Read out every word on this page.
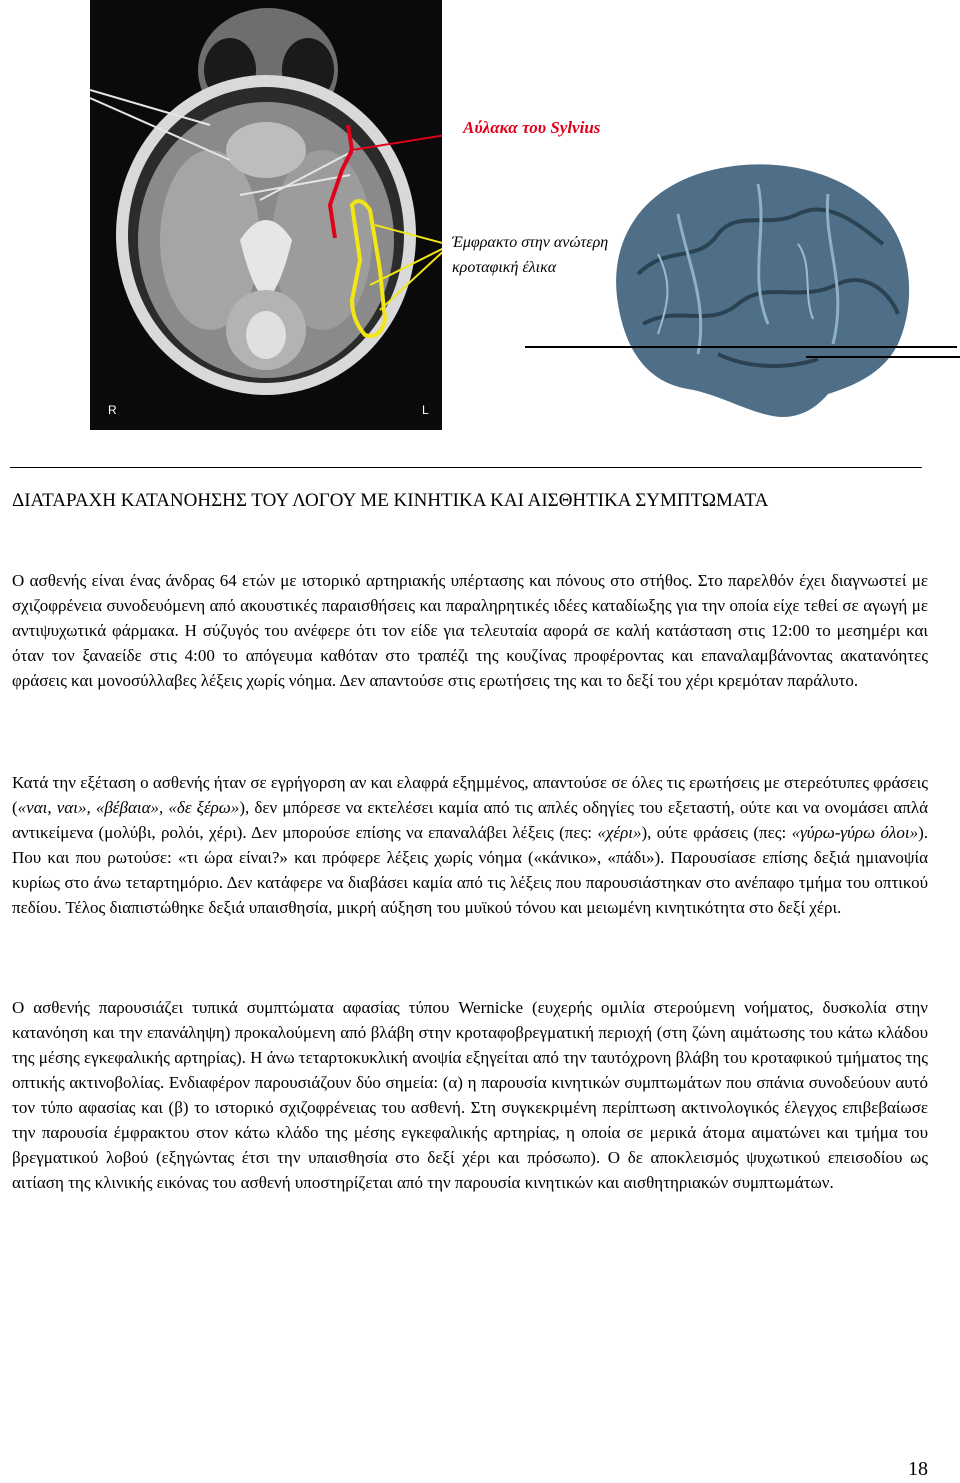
R	L
Αύλακα του Sylvius
Έμφρακτο στην ανώτερη
κροταφική έλικα
ΔΙΑΤΑΡΑΧΗ ΚΑΤΑΝΟΗΣΗΣ ΤΟΥ ΛΟΓΟΥ ΜΕ ΚΙΝΗΤΙΚΑ ΚΑΙ ΑΙΣΘΗΤΙΚΑ ΣΥΜΠΤΩΜΑΤΑ

Ο ασθενής είναι ένας άνδρας 64 ετών με ιστορικό αρτηριακής υπέρτασης και πόνους στο στήθος. Στο παρελθόν έχει διαγνωστεί με σχιζοφρένεια συνοδευόμενη από ακουστικές παραισθήσεις και παραληρητικές ιδέες καταδίωξης για την οποία είχε τεθεί σε αγωγή με αντιψυχωτικά φάρμακα. Η σύζυγός του ανέφερε ότι τον είδε για τελευταία αφορά σε καλή κατάσταση στις 12:00 το μεσημέρι και όταν τον ξαναείδε στις 4:00 το απόγευμα καθόταν στο τραπέζι της κουζίνας προφέροντας και επαναλαμβάνοντας ακατανόητες φράσεις και μονοσύλλαβες λέξεις χωρίς νόημα. Δεν απαντούσε στις ερωτήσεις της και το δεξί του χέρι κρεμόταν παράλυτο.

Κατά την εξέταση ο ασθενής ήταν σε εγρήγορση αν και ελαφρά εξημμένος, απαντούσε σε όλες τις ερωτήσεις με στερεότυπες φράσεις («ναι, ναι», «βέβαια», «δε ξέρω»), δεν μπόρεσε να εκτελέσει καμία από τις απλές οδηγίες του εξεταστή, ούτε και να ονομάσει απλά αντικείμενα (μολύβι, ρολόι, χέρι). Δεν μπορούσε επίσης να επαναλάβει λέξεις (πες: «χέρι»), ούτε φράσεις (πες: «γύρω-γύρω όλοι»). Που και που ρωτούσε: «τι ώρα είναι?» και πρόφερε λέξεις χωρίς νόημα («κάνικο», «πάδι»). Παρουσίασε επίσης δεξιά ημιανοψία κυρίως στο άνω τεταρτημόριο. Δεν κατάφερε να διαβάσει καμία από τις λέξεις που παρουσιάστηκαν στο ανέπαφο τμήμα του οπτικού πεδίου. Τέλος διαπιστώθηκε δεξιά υπαισθησία, μικρή αύξηση του μυϊκού τόνου και μειωμένη κινητικότητα στο δεξί χέρι.

Ο ασθενής παρουσιάζει τυπικά συμπτώματα αφασίας τύπου Wernicke (ευχερής ομιλία στερούμενη νοήματος, δυσκολία στην κατανόηση και την επανάληψη) προκαλούμενη από βλάβη στην κροταφοβρεγματική περιοχή (στη ζώνη αιμάτωσης του κάτω κλάδου της μέσης εγκεφαλικής αρτηρίας). Η άνω τεταρτοκυκλική ανοψία εξηγείται από την ταυτόχρονη βλάβη του κροταφικού τμήματος της οπτικής ακτινοβολίας. Ενδιαφέρον παρουσιάζουν δύο σημεία: (α) η παρουσία κινητικών συμπτωμάτων που σπάνια συνοδεύουν αυτό τον τύπο αφασίας και (β) το ιστορικό σχιζοφρένειας του ασθενή. Στη συγκεκριμένη περίπτωση ακτινολογικός έλεγχος επιβεβαίωσε την παρουσία έμφρακτου στον κάτω κλάδο της μέσης εγκεφαλικής αρτηρίας, η οποία σε μερικά άτομα αιματώνει και τμήμα του βρεγματικού λοβού (εξηγώντας έτσι την υπαισθησία στο δεξί χέρι και πρόσωπο). Ο δε αποκλεισμός ψυχωτικού επεισοδίου ως αιτίαση της κλινικής εικόνας του ασθενή υποστηρίζεται από την παρουσία κινητικών και αισθητηριακών συμπτωμάτων.

18
